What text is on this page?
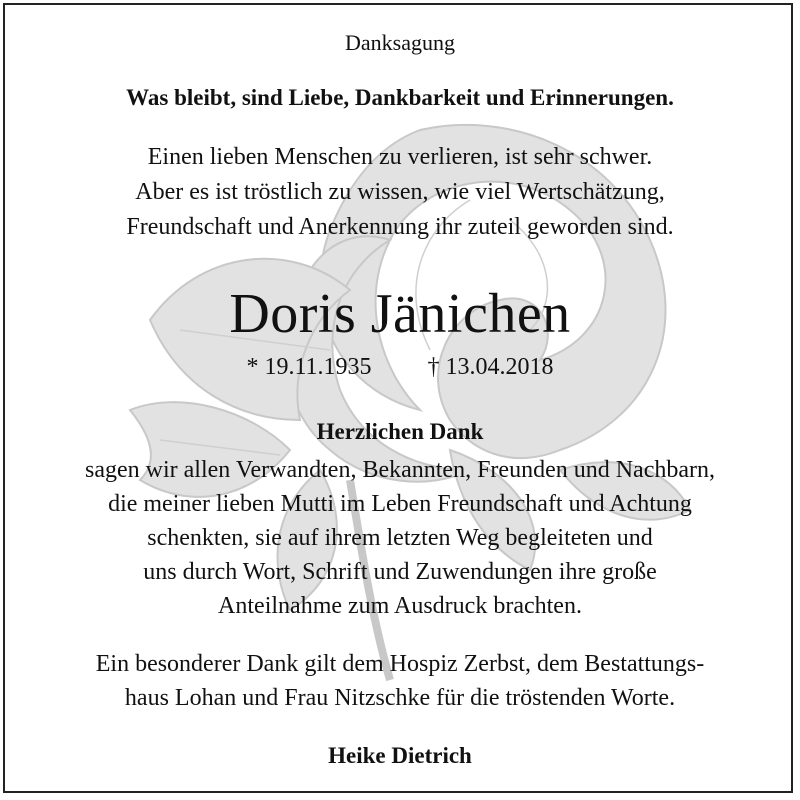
Danksagung
Was bleibt, sind Liebe, Dankbarkeit und Erinnerungen.
Einen lieben Menschen zu verlieren, ist sehr schwer.
Aber es ist tröstlich zu wissen, wie viel Wertschätzung,
Freundschaft und Anerkennung ihr zuteil geworden sind.
Doris Jänichen
* 19.11.1935 † 13.04.2018
Herzlichen Dank
sagen wir allen Verwandten, Bekannten, Freunden und Nachbarn,
die meiner lieben Mutti im Leben Freundschaft und Achtung
schenkten, sie auf ihrem letzten Weg begleiteten und
uns durch Wort, Schrift und Zuwendungen ihre große
Anteilnahme zum Ausdruck brachten.
Ein besonderer Dank gilt dem Hospiz Zerbst, dem Bestattungs-
haus Lohan und Frau Nitzschke für die tröstenden Worte.
Heike Dietrich
